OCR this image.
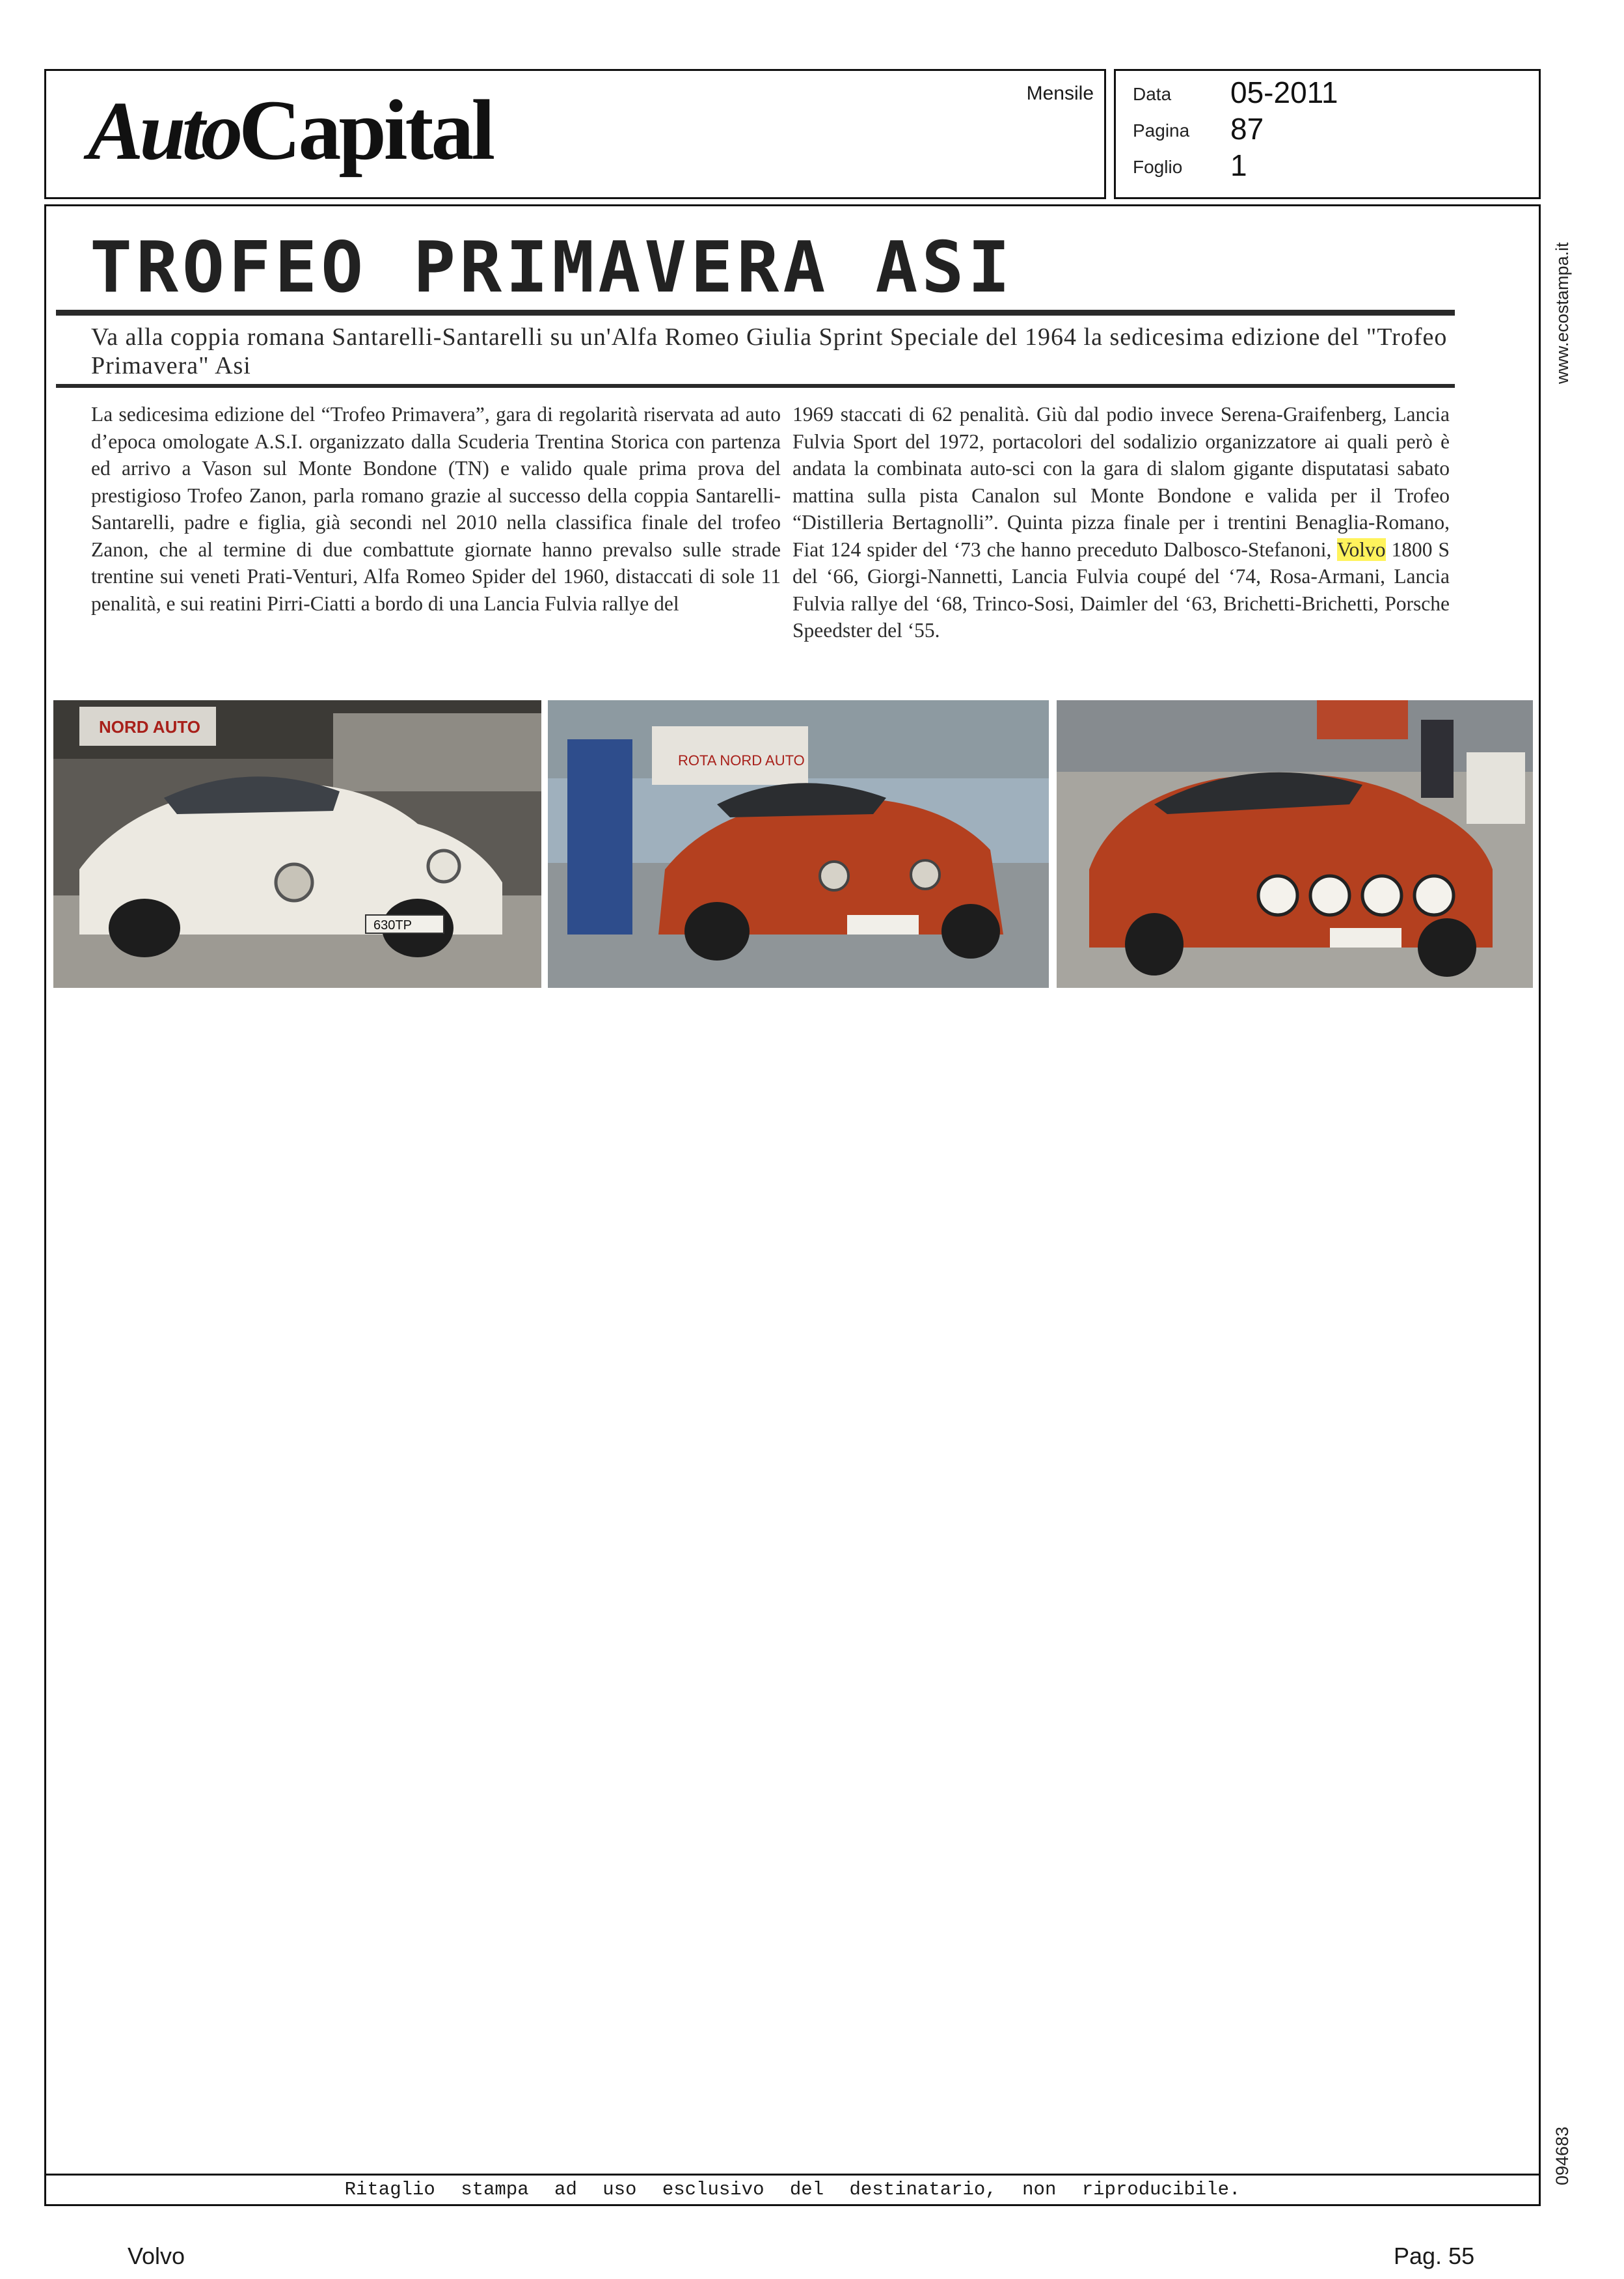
AutoCapital	Mensile Data 05-2011
Pagina 87
Foglio 1
Ritaglio stampa ad uso esclusivo del destinatario, non riproducibile.
TROFEO PRIMAVERA ASI
Va alla coppia romana Santarelli-Santarelli su un'Alfa Romeo Giulia Sprint Speciale del 1964 la sedicesima edizione del "Trofeo Primavera" Asi

La sedicesima edizione del “Trofeo Primavera”, gara di regolarità riservata ad auto d’epoca omologate A.S.I. organizzato dalla Scuderia Trentina Storica con partenza ed arrivo a Vason sul Monte Bondone (TN) e valido quale prima prova del prestigioso Trofeo Zanon, parla romano grazie al successo della coppia Santarelli-Santarelli, padre e figlia, già secondi nel 2010 nella classifica finale del trofeo Zanon, che al termine di due combattute giornate hanno prevalso sulle strade trentine sui veneti Prati-Venturi, Alfa Romeo Spider del 1960, distaccati di sole 11 penalità, e sui reatini Pirri-Ciatti a bordo di una Lancia Fulvia rallye del

1969 staccati di 62 penalità. Giù dal podio invece Serena-Graifenberg, Lancia Fulvia Sport del 1972, portacolori del sodalizio organizzatore ai quali però è andata la combinata auto-sci con la gara di slalom gigante disputatasi sabato mattina sulla pista Canalon sul Monte Bondone e valida per il Trofeo “Distilleria Bertagnolli”. Quinta pizza finale per i trentini Benaglia-Romano, Fiat 124 spider del ‘73 che hanno preceduto Dalbosco-Stefanoni, Volvo 1800 S del ‘66, Giorgi-Nannetti, Lancia Fulvia coupé del ‘74, Rosa-Armani, Lancia Fulvia rallye del ‘68, Trinco-Sosi, Daimler del ‘63, Brichetti-Brichetti, Porsche Speedster del ‘55.

NORD AUTO
630TP
ROTA NORD AUTO
www.ecostampa.it
094683
Volvo	Pag. 55
